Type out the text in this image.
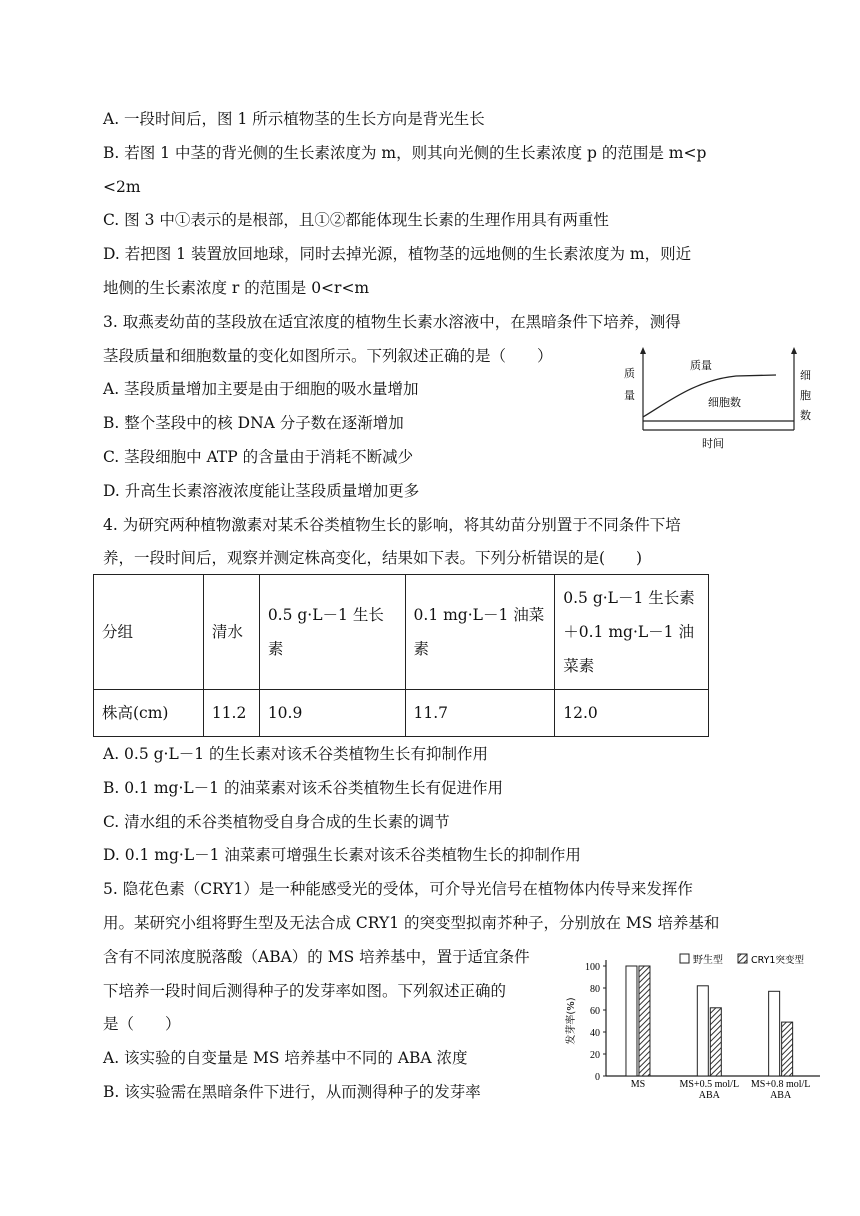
A. 一段时间后，图 1 所示植物茎的生长方向是背光生长
B. 若图 1 中茎的背光侧的生长素浓度为 m，则其向光侧的生长素浓度 p 的范围是 m<p
<2m
C. 图 3 中①表示的是根部，且①②都能体现生长素的生理作用具有两重性
D. 若把图 1 装置放回地球，同时去掉光源，植物茎的远地侧的生长素浓度为 m，则近
地侧的生长素浓度 r 的范围是 0<r<m
3. 取燕麦幼苗的茎段放在适宜浓度的植物生长素水溶液中，在黑暗条件下培养，测得
茎段质量和细胞数量的变化如图所示。下列叙述正确的是（　　）
A. 茎段质量增加主要是由于细胞的吸水量增加
B. 整个茎段中的核 DNA 分子数在逐渐增加
C. 茎段细胞中 ATP 的含量由于消耗不断减少
D. 升高生长素溶液浓度能让茎段质量增加更多
4. 为研究两种植物激素对某禾谷类植物生长的影响，将其幼苗分别置于不同条件下培
养，一段时间后，观察并测定株高变化，结果如下表。下列分析错误的是(　　)
质
量
细
胞
数
质量
细胞数
时间
分组	清水	0.5 g·L－1 生长素	0.1 mg·L－1 油菜素	0.5 g·L－1 生长素＋0.1 mg·L－1 油菜素
株高(cm)	11.2	10.9	11.7	12.0
A. 0.5 g·L－1 的生长素对该禾谷类植物生长有抑制作用
B. 0.1 mg·L－1 的油菜素对该禾谷类植物生长有促进作用
C. 清水组的禾谷类植物受自身合成的生长素的调节
D. 0.1 mg·L－1 油菜素可增强生长素对该禾谷类植物生长的抑制作用
5. 隐花色素（CRY1）是一种能感受光的受体，可介导光信号在植物体内传导来发挥作
用。某研究小组将野生型及无法合成 CRY1 的突变型拟南芥种子，分别放在 MS 培养基和
含有不同浓度脱落酸（ABA）的 MS 培养基中，置于适宜条件
下培养一段时间后测得种子的发芽率如图。下列叙述正确的
是（　　）
A. 该实验的自变量是 MS 培养基中不同的 ABA 浓度
B. 该实验需在黑暗条件下进行，从而测得种子的发芽率
0
20
40
60
80
100
发芽率(%)
MS	MS+0.5 mol/L
ABA
MS+0.8 mol/L
ABA
野生型	CRY1突变型
